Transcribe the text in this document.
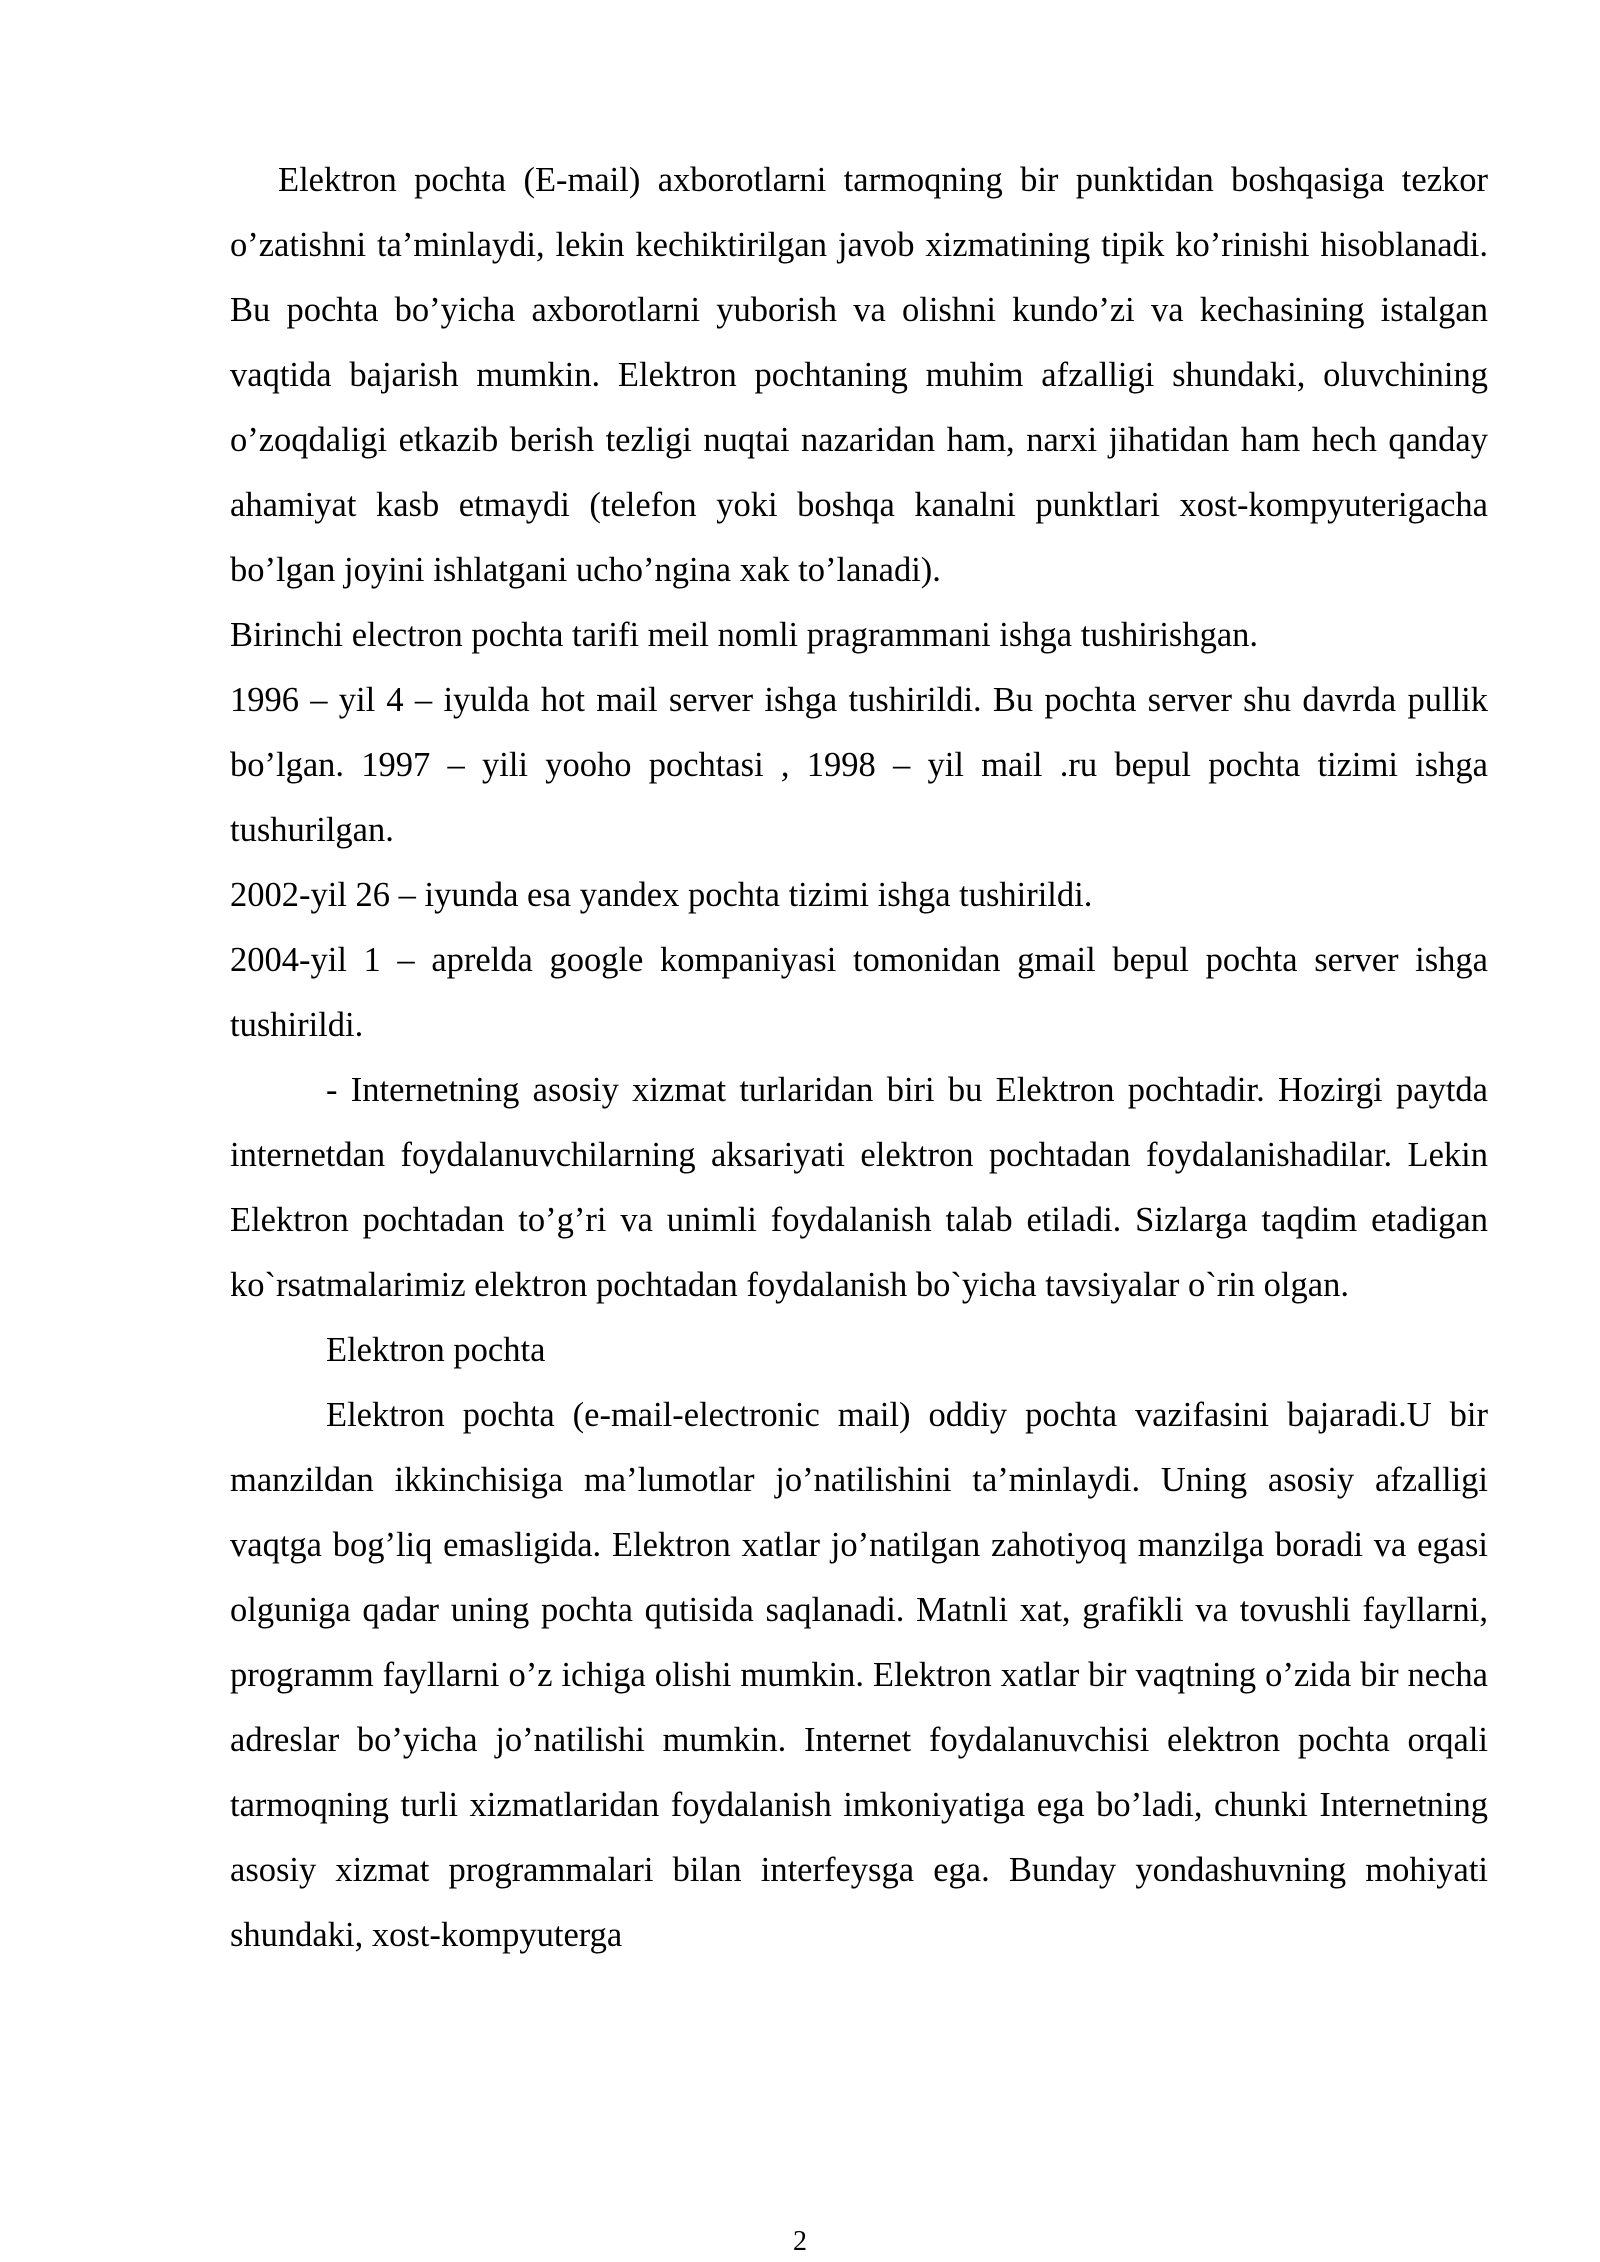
Elektron pochta (E-mail) axborotlarni tarmoqning bir punktidan boshqasiga tezkor o’zatishni ta’minlaydi, lekin kechiktirilgan javob xizmatining tipik ko’rinishi hisoblanadi. Bu pochta bo’yicha axborotlarni yuborish va olishni kundo’zi va kechasining istalgan vaqtida bajarish mumkin. Elektron pochtaning muhim afzalligi shundaki, oluvchining o’zoqdaligi etkazib berish tezligi nuqtai nazaridan ham, narxi jihatidan ham hech qanday ahamiyat kasb etmaydi (telefon yoki boshqa kanalni punktlari xost-kompyuterigacha bo’lgan joyini ishlatgani ucho’ngina xak to’lanadi).

Birinchi electron pochta tarifi meil nomli pragrammani ishga tushirishgan.

1996 – yil 4 – iyulda hot mail server ishga tushirildi. Bu pochta server shu davrda pullik bo’lgan. 1997 – yili yooho pochtasi , 1998 – yil mail .ru bepul pochta tizimi ishga tushurilgan.

2002-yil 26 – iyunda esa yandex pochta tizimi ishga tushirildi.

2004-yil 1 – aprelda google kompaniyasi tomonidan gmail bepul pochta server ishga tushirildi.

- Internetning asosiy xizmat turlaridan biri bu Elektron pochtadir. Hozirgi paytda internetdan foydalanuvchilarning aksariyati elektron pochtadan foydalanishadilar. Lekin Elektron pochtadan to’g’ri va unimli foydalanish talab etiladi. Sizlarga taqdim etadigan ko`rsatmalarimiz elektron pochtadan foydalanish bo`yicha tavsiyalar o`rin olgan.

Elektron pochta

Elektron pochta (e-mail-electronic mail) oddiy pochta vazifasini bajaradi.U bir manzildan ikkinchisiga ma’lumotlar jo’natilishini ta’minlaydi. Uning asosiy afzalligi vaqtga bog’liq emasligida. Elektron xatlar jo’natilgan zahotiyoq manzilga boradi va egasi olguniga qadar uning pochta qutisida saqlanadi. Matnli xat, grafikli va tovushli fayllarni, programm fayllarni o’z ichiga olishi mumkin. Elektron xatlar bir vaqtning o’zida bir necha adreslar bo’yicha jo’natilishi mumkin. Internet foydalanuvchisi elektron pochta orqali tarmoqning turli xizmatlaridan foydalanish imkoniyatiga ega bo’ladi, chunki Internetning asosiy xizmat programmalari bilan interfeysga ega. Bunday yondashuvning mohiyati shundaki, xost-kompyuterga

2
